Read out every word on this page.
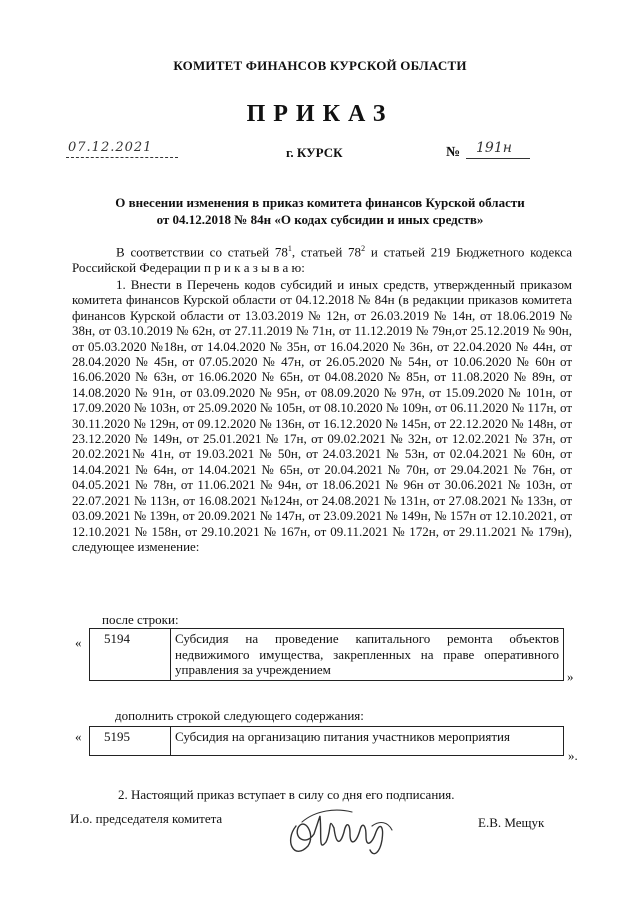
КОМИТЕТ ФИНАНСОВ КУРСКОЙ ОБЛАСТИ
ПРИКАЗ
07.12.2021	г. КУРСК	№ 191н
О внесении изменения в приказ комитета финансов Курской области
от 04.12.2018 № 84н «О кодах субсидии и иных средств»
В соответствии со статьей $78^1$, статьей $78^2$ и статьей 219 Бюджетного кодекса Российской Федерации п р и к а з ы в а ю:
1. Внести в Перечень кодов субсидий и иных средств, утвержденный приказом комитета финансов Курской области от 04.12.2018 № 84н (в редакции приказов комитета финансов Курской области от 13.03.2019 № 12н, от 26.03.2019 № 14н, от 18.06.2019 № 38н, от 03.10.2019 № 62н, от 27.11.2019 № 71н, от 11.12.2019 № 79н,от 25.12.2019 № 90н, от 05.03.2020 №18н, от 14.04.2020 № 35н, от 16.04.2020 № 36н, от 22.04.2020 № 44н, от 28.04.2020 № 45н, от 07.05.2020 № 47н, от 26.05.2020 № 54н, от 10.06.2020 № 60н от 16.06.2020 № 63н, от 16.06.2020 № 65н, от 04.08.2020 № 85н, от 11.08.2020 № 89н, от 14.08.2020 № 91н, от 03.09.2020 № 95н, от 08.09.2020 № 97н, от 15.09.2020 № 101н, от 17.09.2020 № 103н, от 25.09.2020 № 105н, от 08.10.2020 № 109н, от 06.11.2020 № 117н, от 30.11.2020 № 129н, от 09.12.2020 № 136н, от 16.12.2020 № 145н, от 22.12.2020 № 148н, от 23.12.2020 № 149н, от 25.01.2021 № 17н, от 09.02.2021 № 32н, от 12.02.2021 № 37н, от 20.02.2021№ 41н, от 19.03.2021 № 50н, от 24.03.2021 № 53н, от 02.04.2021 № 60н, от 14.04.2021 № 64н, от 14.04.2021 № 65н, от 20.04.2021 № 70н, от 29.04.2021 № 76н, от 04.05.2021 № 78н, от 11.06.2021 № 94н, от 18.06.2021 № 96н от 30.06.2021 № 103н, от 22.07.2021 № 113н, от 16.08.2021 №124н, от 24.08.2021 № 131н, от 27.08.2021 № 133н, от 03.09.2021 № 139н, от 20.09.2021 № 147н, от 23.09.2021 № 149н, № 157н от 12.10.2021, от 12.10.2021 № 158н, от 29.10.2021 № 167н, от 09.11.2021 № 172н, от 29.11.2021 № 179н), следующее изменение:
после строки:
« 5194	Субсидия на проведение капитального ремонта объектов недвижимого имущества, закрепленных на праве оперативного управления за учреждением	»
дополнить строкой следующего содержания:
« 5195	Субсидия на организацию питания участников мероприятия
».
2. Настоящий приказ вступает в силу со дня его подписания.
И.о. председателя комитета	Е.В. Мещук
